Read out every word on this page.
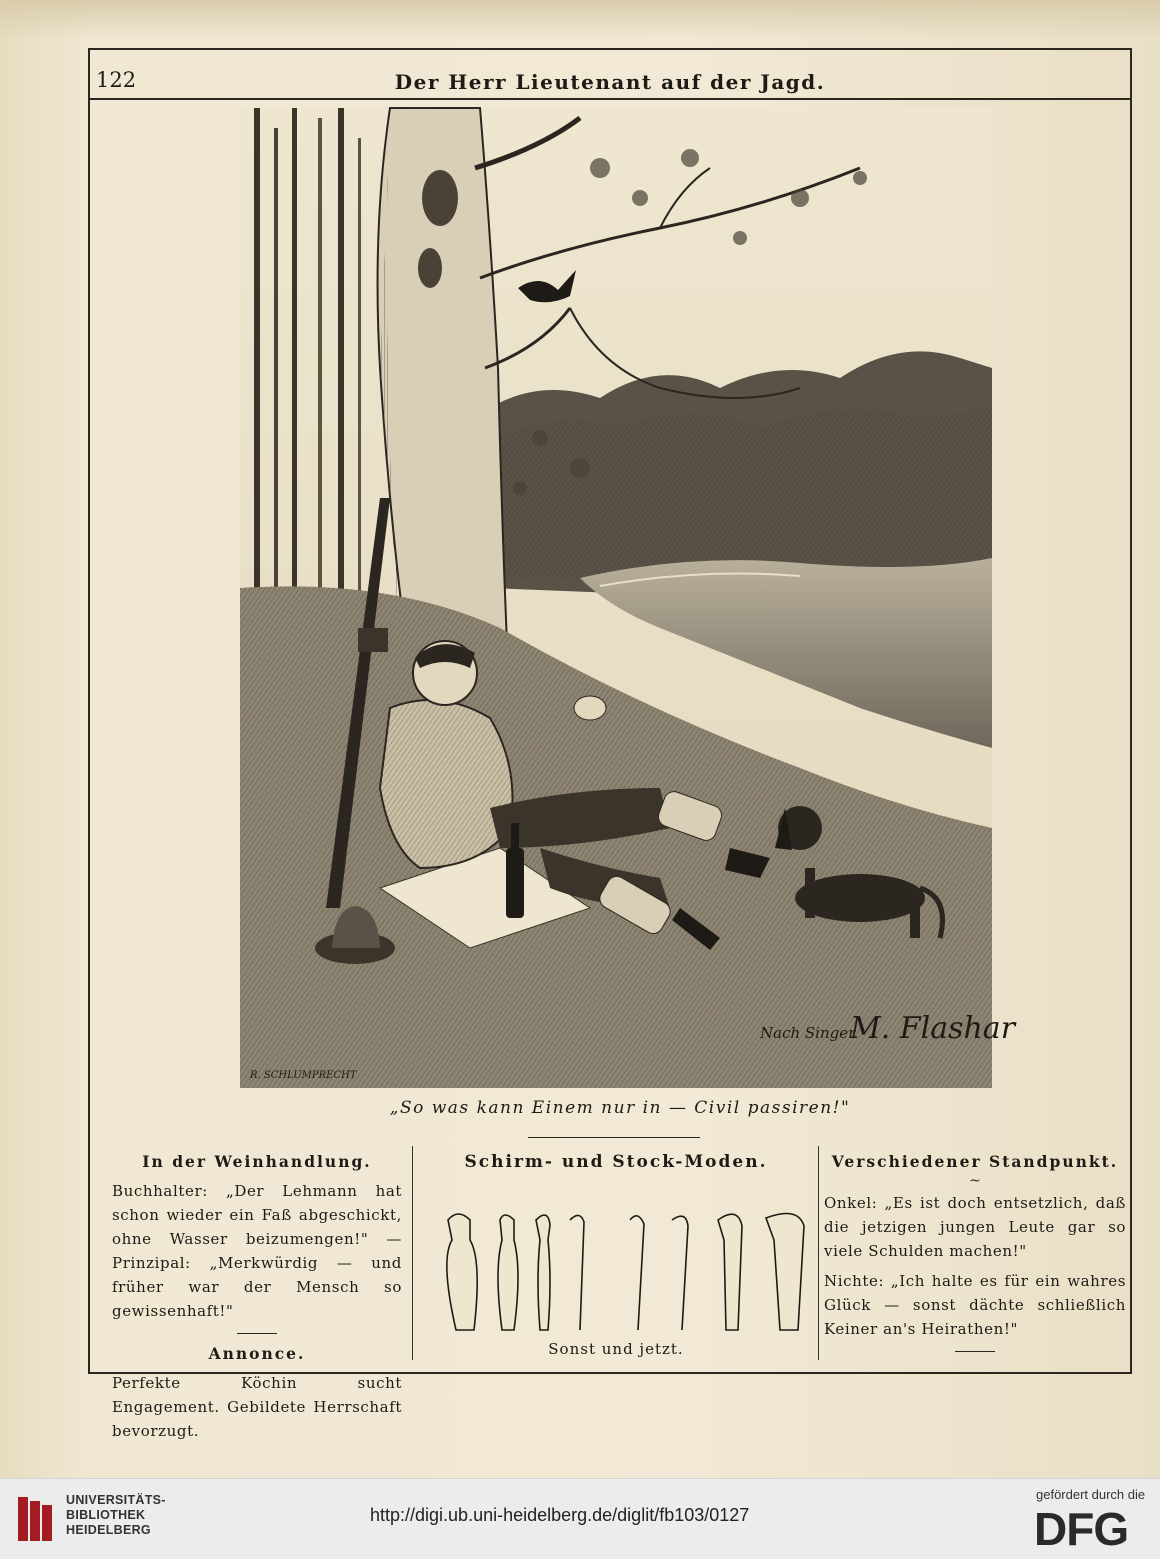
122	Der Herr Lieutenant auf der Jagd.
M. Flashar
Nach Singer
R. SCHLUMPRECHT
„So was kann Einem nur in — Civil passiren!"
In der Weinhandlung.

Buchhalter: „Der Lehmann hat schon wieder ein Faß abgeschickt, ohne Wasser beizumengen!" — Prinzipal: „Merkwürdig — und früher war der Mensch so gewissenhaft!"

Annonce.

Perfekte Köchin sucht Engagement. Gebildete Herrschaft bevorzugt.

Schirm- und Stock-Moden.
Sonst und jetzt.
Verschiedener Standpunkt.
~

Onkel: „Es ist doch entsetzlich, daß die jetzigen jungen Leute gar so viele Schulden machen!"

Nichte: „Ich halte es für ein wahres Glück — sonst dächte schließlich Keiner an's Heirathen!"

UNIVERSITÄTS-
BIBLIOTHEK
HEIDELBERG
http://digi.ub.uni-heidelberg.de/diglit/fb103/0127
gefördert durch die
DFG
